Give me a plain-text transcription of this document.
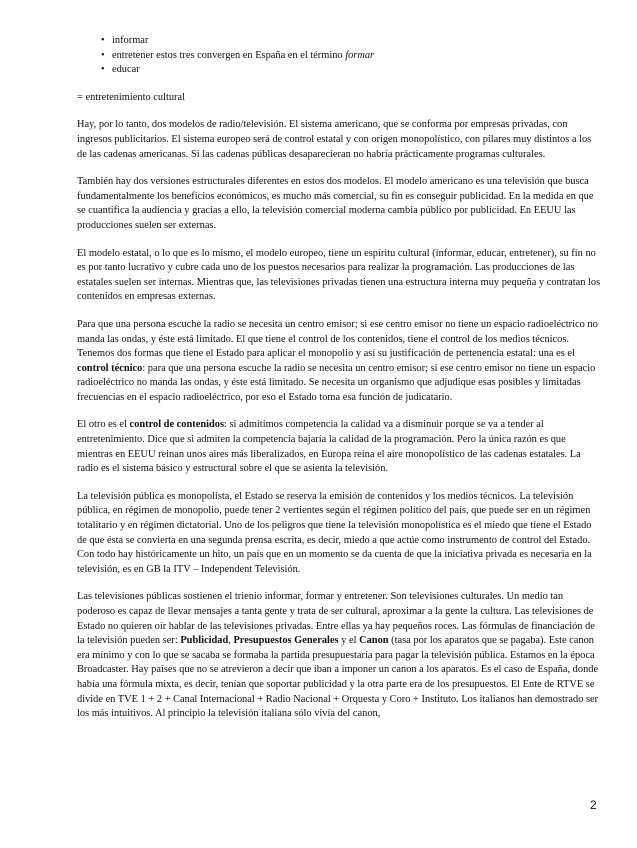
• informar
• entretener estos tres convergen en España en el término formar
• educar

= entretenimiento cultural

Hay, por lo tanto, dos modelos de radio/televisión. El sistema americano, que se conforma por empresas privadas, con ingresos publicitarios. El sistema europeo será de control estatal y con origen monopolístico, con pilares muy distintos a los de las cadenas americanas. Si las cadenas públicas desaparecieran no habría prácticamente programas culturales.

También hay dos versiones estructurales diferentes en estos dos modelos. El modelo americano es una televisión que busca fundamentalmente los beneficios económicos, es mucho más comercial, su fin es conseguir publicidad. En la medida en que se cuantifica la audiencia y gracias a ello, la televisión comercial moderna cambia público por publicidad. En EEUU las producciones suelen ser externas.

El modelo estatal, o lo que es lo mismo, el modelo europeo, tiene un espíritu cultural (informar, educar, entretener), su fin no es por tanto lucrativo y cubre cada uno de los puestos necesarios para realizar la programación. Las producciones de las estatales suelen ser internas. Mientras que, las televisiones privadas tienen una estructura interna muy pequeña y contratan los contenidos en empresas externas.

Para que una persona escuche la radio se necesita un centro emisor; si ese centro emisor no tiene un espacio radioeléctrico no manda las ondas, y éste está limitado. El que tiene el control de los contenidos, tiene el control de los medios técnicos. Tenemos dos formas que tiene el Estado para aplicar el monopolio y así su justificación de pertenencia estatal: una es el control técnico: para que una persona escuche la radio se necesita un centro emisor; si ese centro emisor no tiene un espacio radioeléctrico no manda las ondas, y éste está limitado. Se necesita un organismo que adjudique esas posibles y limitadas frecuencias en el espacio radioeléctrico, por eso el Estado toma esa función de judicatario.

El otro es el control de contenidos: si admitimos competencia la calidad va a disminuir porque se va a tender al entretenimiento. Dice que si admiten la competencia bajaría la calidad de la programación. Pero la única razón es que mientras en EEUU reinan unos aires más liberalizados, en Europa reina el aire monopolístico de las cadenas estatales. La radio es el sistema básico y estructural sobre el que se asienta la televisión.

La televisión pública es monopolista, el Estado se reserva la emisión de contenidos y los medios técnicos. La televisión pública, en régimen de monopolio, puede tener 2 vertientes según el régimen político del país, que puede ser en un régimen totalitario y en régimen dictatorial. Uno de los peligros que tiene la televisión monopolística es el miedo que tiene el Estado de que ésta se convierta en una segunda prensa escrita, es decir, miedo a que actúe como instrumento de control del Estado. Con todo hay históricamente un hito, un país que en un momento se da cuenta de que la iniciativa privada es necesaria en la televisión, es en GB la ITV – Independent Televisión.

Las televisiones públicas sostienen el trienio informar, formar y entretener. Son televisiones culturales. Un medio tan poderoso es capaz de llevar mensajes a tanta gente y trata de ser cultural, aproximar a la gente la cultura. Las televisiones de Estado no quieren oír hablar de las televisiones privadas. Entre ellas ya hay pequeños roces. Las fórmulas de financiación de la televisión pueden ser: Publicidad, Presupuestos Generales y el Canon (tasa por los aparatos que se pagaba). Este canon era mínimo y con lo que se sacaba se formaba la partida presupuestaria para pagar la televisión pública. Estamos en la época Broadcaster. Hay países que no se atrevieron a decir que iban a imponer un canon a los aparatos. Es el caso de España, donde había una fórmula mixta, es decir, tenían que soportar publicidad y la otra parte era de los presupuestos. El Ente de RTVE se divide en TVE 1 + 2 + Canal Internacional + Radio Nacional + Orquesta y Coro + Instituto. Los italianos han demostrado ser los más intuitivos. Al principio la televisión italiana sólo vivía del canon,

2
